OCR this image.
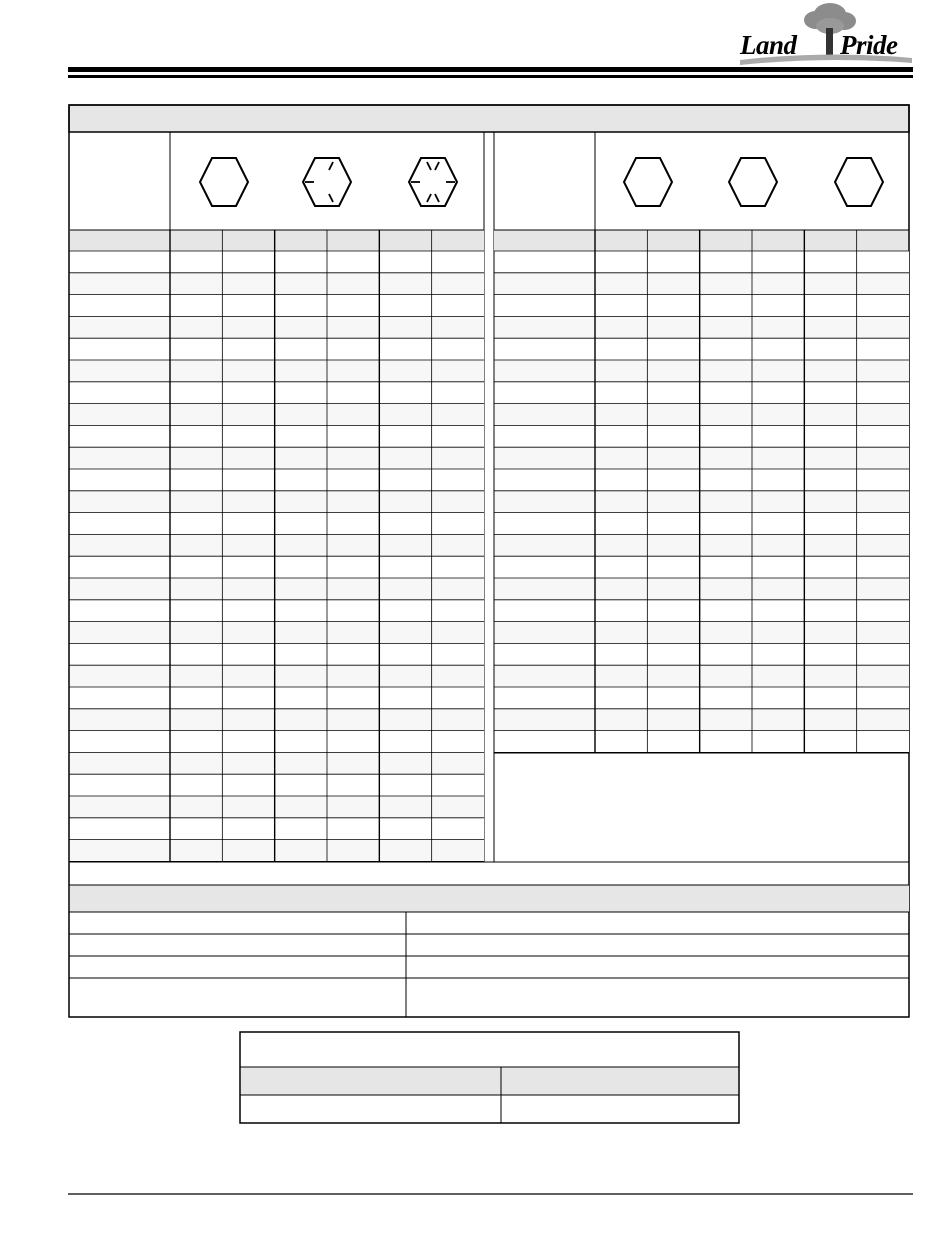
Land Pride
